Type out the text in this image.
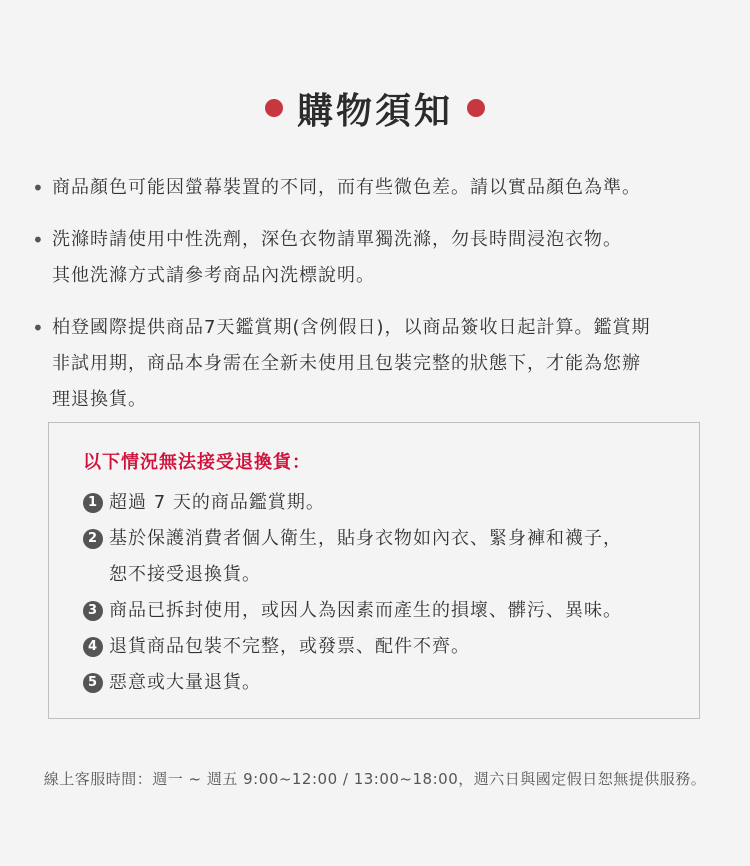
購物須知
• 商品顏色可能因螢幕裝置的不同，而有些微色差。請以實品顏色為準。
• 洗滌時請使用中性洗劑，深色衣物請單獨洗滌，勿長時間浸泡衣物。
其他洗滌方式請參考商品內洗標說明。
• 柏登國際提供商品7天鑑賞期(含例假日)，以商品簽收日起計算。鑑賞期
非試用期，商品本身需在全新未使用且包裝完整的狀態下，才能為您辦
理退換貨。
以下情況無法接受退換貨：
1 超過 7 天的商品鑑賞期。
2 基於保護消費者個人衛生，貼身衣物如內衣、緊身褲和襪子，
恕不接受退換貨。
3 商品已拆封使用，或因人為因素而產生的損壞、髒污、異味。
4 退貨商品包裝不完整，或發票、配件不齊。
5 惡意或大量退貨。
線上客服時間：週一 ~ 週五 9:00~12:00 / 13:00~18:00，週六日與國定假日恕無提供服務。
